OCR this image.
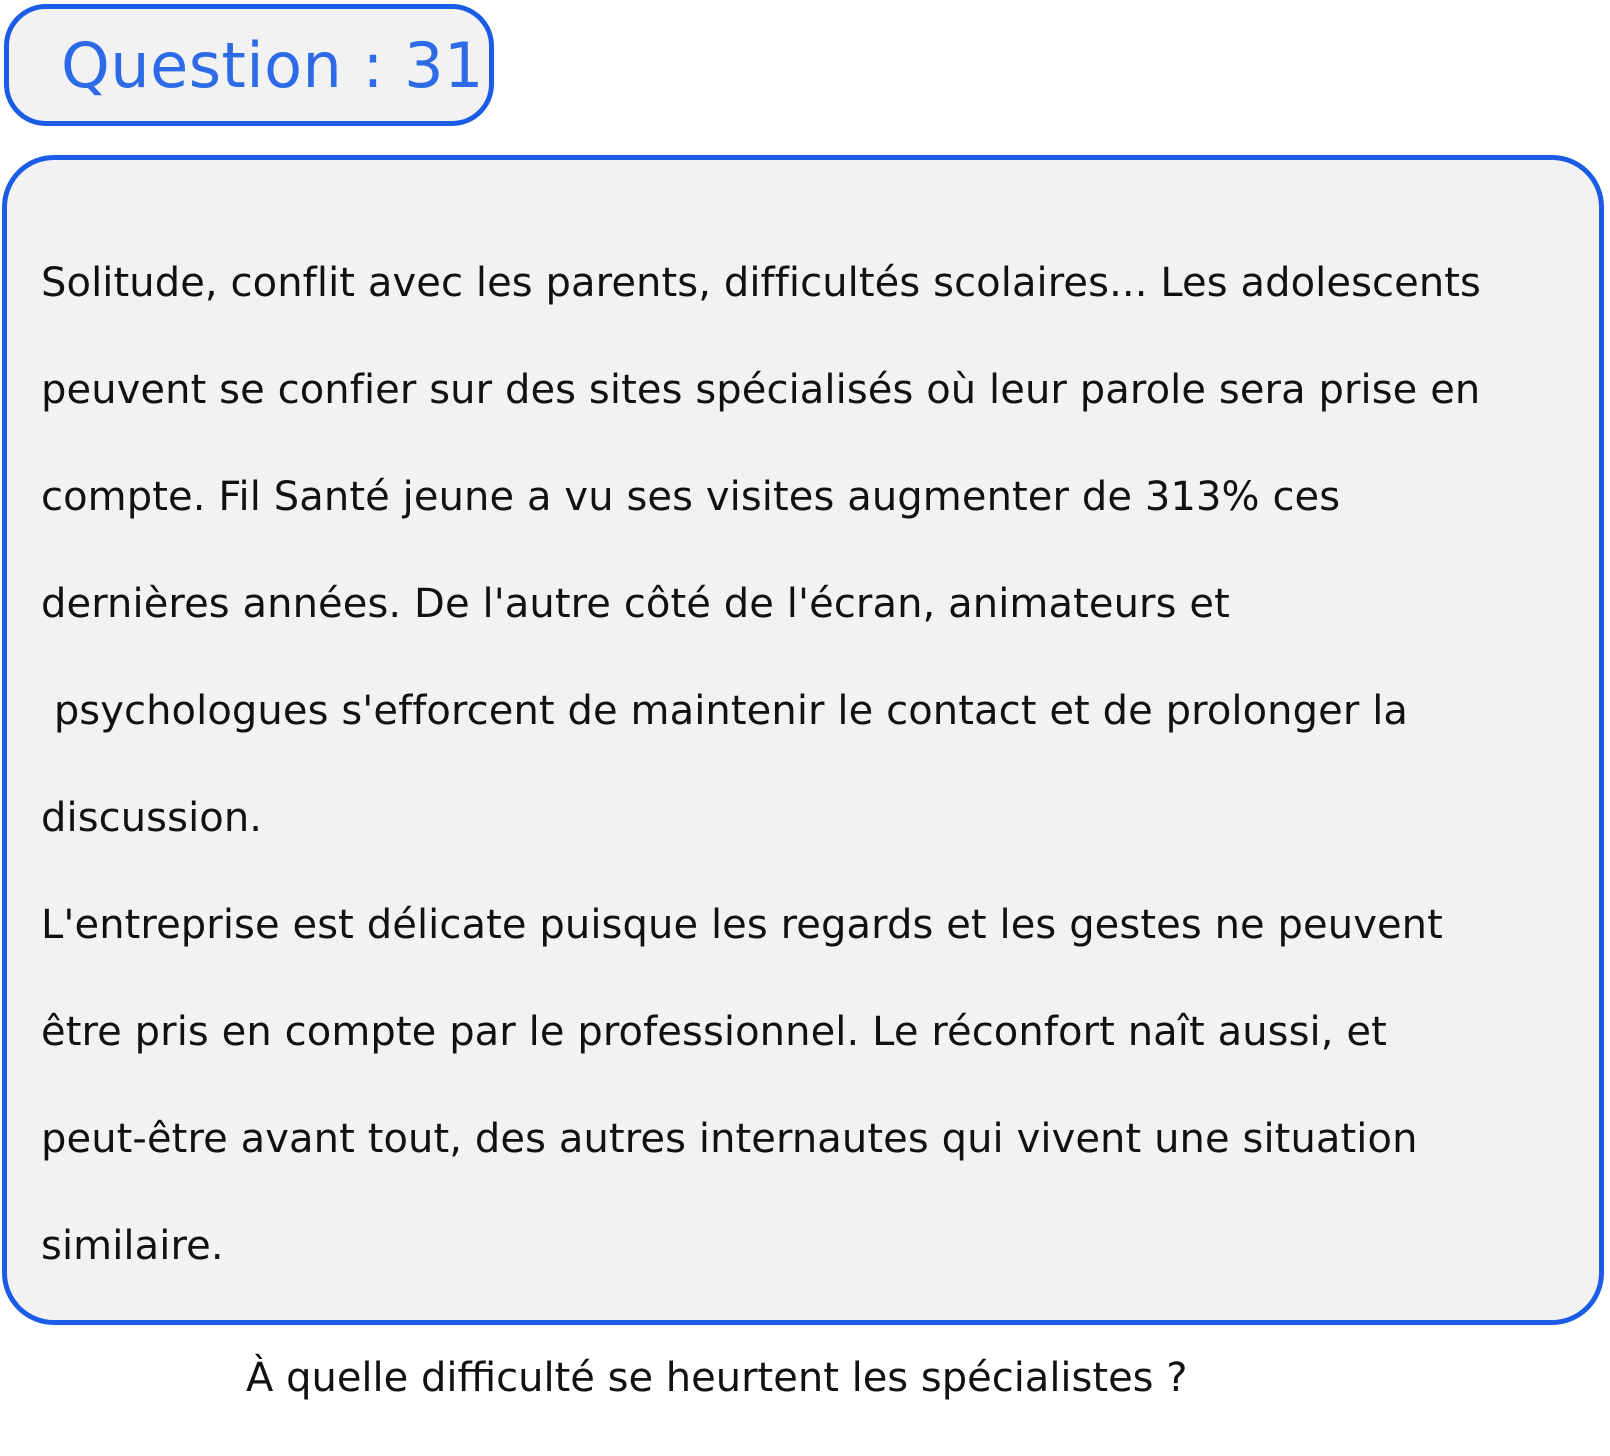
Question : 31
Solitude, conflit avec les parents, difficultés scolaires... Les adolescents
peuvent se confier sur des sites spécialisés où leur parole sera prise en
compte. Fil Santé jeune a vu ses visites augmenter de 313% ces
dernières années. De l'autre côté de l'écran, animateurs et
psychologues s'efforcent de maintenir le contact et de prolonger la
discussion.
L'entreprise est délicate puisque les regards et les gestes ne peuvent
être pris en compte par le professionnel. Le réconfort naît aussi, et
peut-être avant tout, des autres internautes qui vivent une situation
similaire.
À quelle difficulté se heurtent les spécialistes ?
